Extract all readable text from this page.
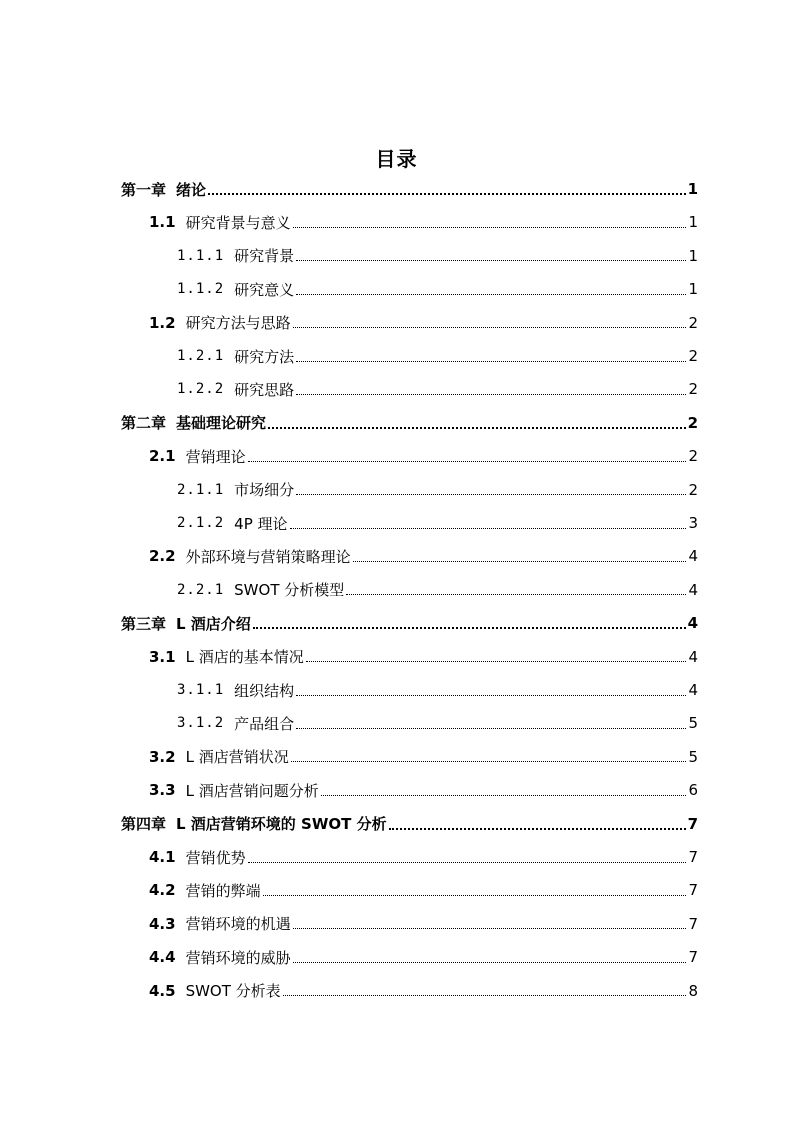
目录
第一章 绪论	1
1.1 研究背景与意义	1
1.1.1 研究背景	1
1.1.2 研究意义	1
1.2 研究方法与思路	2
1.2.1 研究方法	2
1.2.2 研究思路	2
第二章 基础理论研究	2
2.1 营销理论	2
2.1.1 市场细分	2
2.1.2 4P 理论	3
2.2 外部环境与营销策略理论	4
2.2.1 SWOT 分析模型	4
第三章 L 酒店介绍	4
3.1 L 酒店的基本情况	4
3.1.1 组织结构	4
3.1.2 产品组合	5
3.2 L 酒店营销状况	5
3.3 L 酒店营销问题分析	6
第四章 L 酒店营销环境的 SWOT 分析	7
4.1 营销优势	7
4.2 营销的弊端	7
4.3 营销环境的机遇	7
4.4 营销环境的威胁	7
4.5 SWOT 分析表	8
